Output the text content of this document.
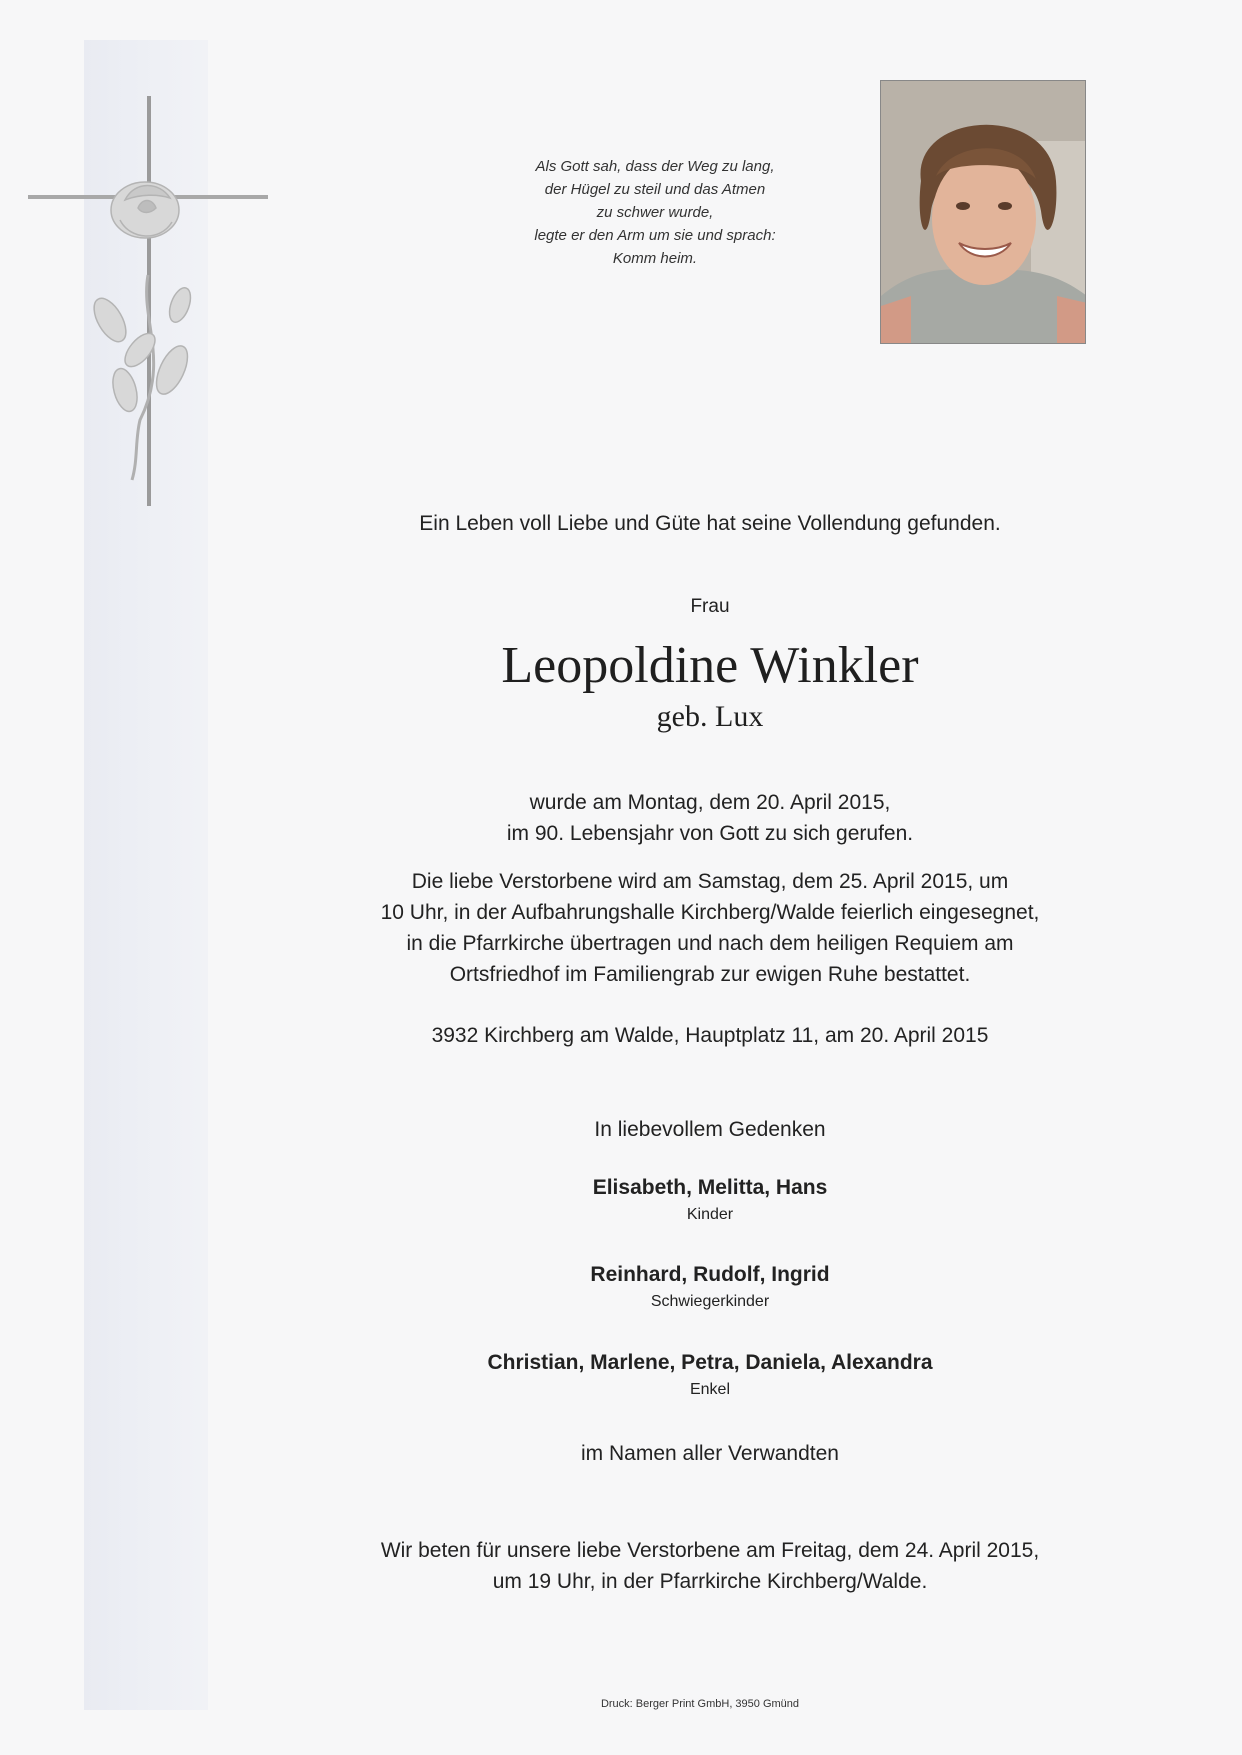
Als Gott sah, dass der Weg zu lang,
der Hügel zu steil und das Atmen
zu schwer wurde,
legte er den Arm um sie und sprach:
Komm heim.
Ein Leben voll Liebe und Güte hat seine Vollendung gefunden.
Frau
Leopoldine Winkler
geb. Lux
wurde am Montag, dem 20. April 2015,
im 90. Lebensjahr von Gott zu sich gerufen.
Die liebe Verstorbene wird am Samstag, dem 25. April 2015, um
10 Uhr, in der Aufbahrungshalle Kirchberg/Walde feierlich eingesegnet,
in die Pfarrkirche übertragen und nach dem heiligen Requiem am
Ortsfriedhof im Familiengrab zur ewigen Ruhe bestattet.
3932 Kirchberg am Walde, Hauptplatz 11, am 20. April 2015
In liebevollem Gedenken
Elisabeth, Melitta, Hans
Kinder
Reinhard, Rudolf, Ingrid
Schwiegerkinder
Christian, Marlene, Petra, Daniela, Alexandra
Enkel
im Namen aller Verwandten
Wir beten für unsere liebe Verstorbene am Freitag, dem 24. April 2015,
um 19 Uhr, in der Pfarrkirche Kirchberg/Walde.
Druck: Berger Print GmbH, 3950 Gmünd
